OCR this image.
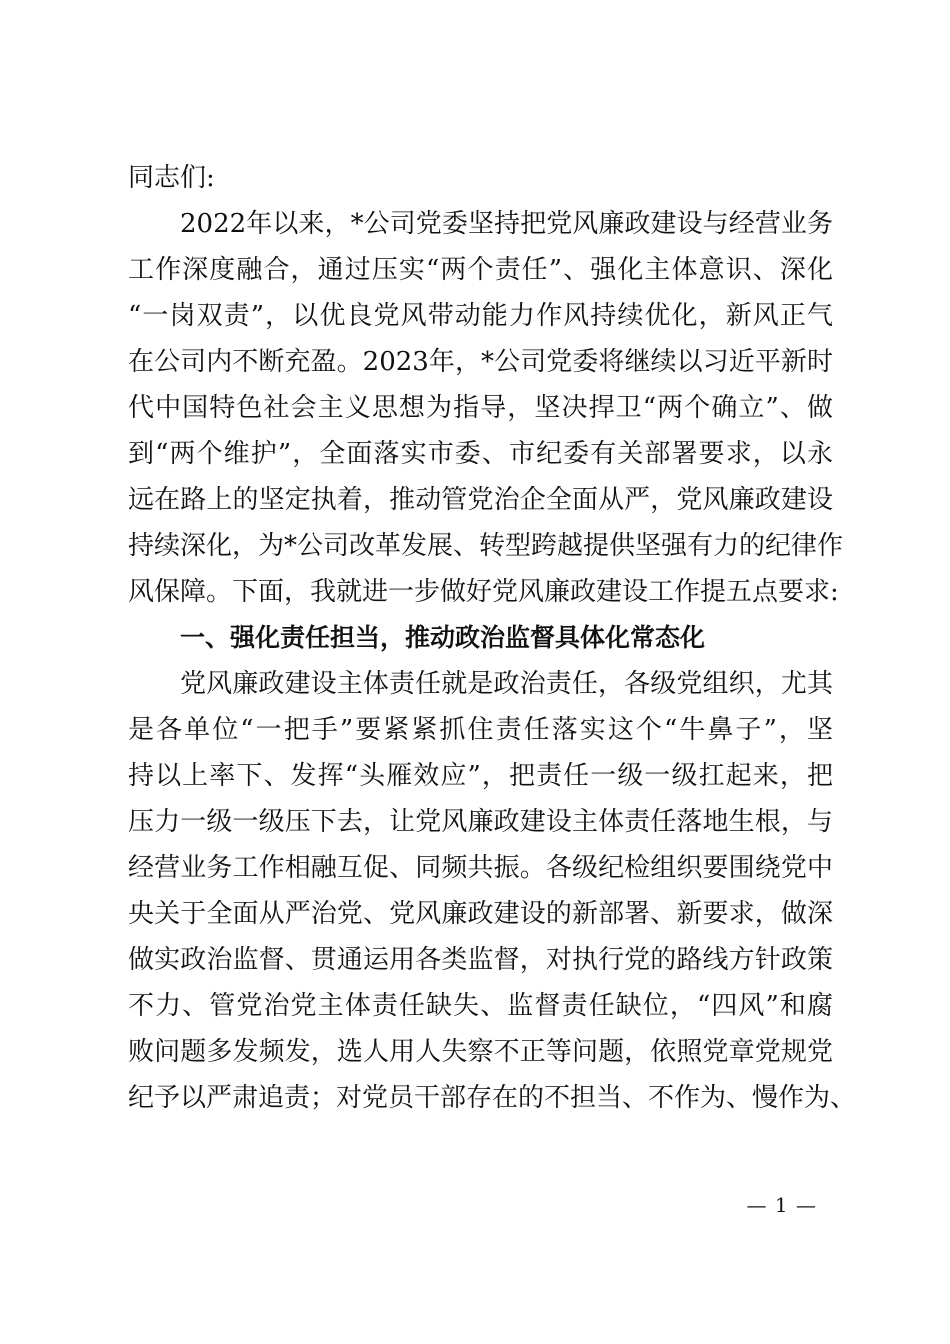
同志们:
2022年以来，*公司党委坚持把党风廉政建设与经营业务
工作深度融合，通过压实“两个责任”、强化主体意识、深化
“一岗双责”，以优良党风带动能力作风持续优化，新风正气
在公司内不断充盈。2023年，*公司党委将继续以习近平新时
代中国特色社会主义思想为指导，坚决捍卫“两个确立”、做
到“两个维护”，全面落实市委、市纪委有关部署要求，以永
远在路上的坚定执着，推动管党治企全面从严，党风廉政建设
持续深化，为*公司改革发展、转型跨越提供坚强有力的纪律作
风保障。下面，我就进一步做好党风廉政建设工作提五点要求:
一、强化责任担当，推动政治监督具体化常态化
党风廉政建设主体责任就是政治责任，各级党组织，尤其
是各单位“一把手”要紧紧抓住责任落实这个“牛鼻子”，坚
持以上率下、发挥“头雁效应”，把责任一级一级扛起来，把
压力一级一级压下去，让党风廉政建设主体责任落地生根，与
经营业务工作相融互促、同频共振。各级纪检组织要围绕党中
央关于全面从严治党、党风廉政建设的新部署、新要求，做深
做实政治监督、贯通运用各类监督，对执行党的路线方针政策
不力、管党治党主体责任缺失、监督责任缺位，“四风”和腐
败问题多发频发，选人用人失察不正等问题，依照党章党规党
纪予以严肃追责；对党员干部存在的不担当、不作为、慢作为、
— 1 —
